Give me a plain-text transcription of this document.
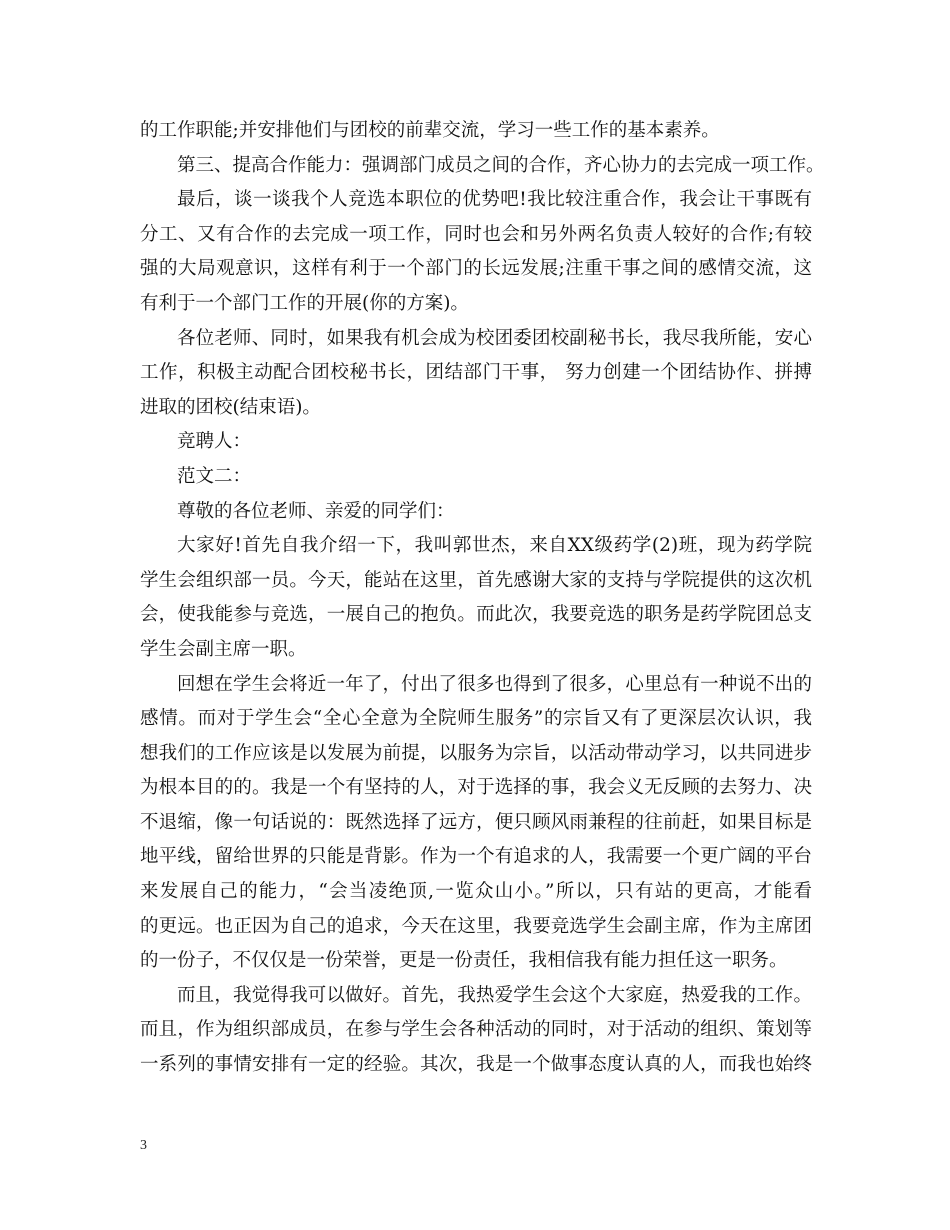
的工作职能;并安排他们与团校的前辈交流，学习一些工作的基本素养。
第三、提高合作能力：强调部门成员之间的合作，齐心协力的去完成一项工作。
最后，谈一谈我个人竞选本职位的优势吧!我比较注重合作，我会让干事既有
分工、又有合作的去完成一项工作，同时也会和另外两名负责人较好的合作;有较
强的大局观意识，这样有利于一个部门的长远发展;注重干事之间的感情交流，这
有利于一个部门工作的开展(你的方案)。
各位老师、同时，如果我有机会成为校团委团校副秘书长，我尽我所能，安心
工作，积极主动配合团校秘书长，团结部门干事， 努力创建一个团结协作、拼搏
进取的团校(结束语)。
竞聘人：
范文二：
尊敬的各位老师、亲爱的同学们：
大家好!首先自我介绍一下，我叫郭世杰，来自XX级药学(2)班，现为药学院
学生会组织部一员。今天，能站在这里，首先感谢大家的支持与学院提供的这次机
会，使我能参与竞选，一展自己的抱负。而此次，我要竞选的职务是药学院团总支
学生会副主席一职。
回想在学生会将近一年了，付出了很多也得到了很多，心里总有一种说不出的
感情。而对于学生会“全心全意为全院师生服务”的宗旨又有了更深层次认识，我
想我们的工作应该是以发展为前提，以服务为宗旨，以活动带动学习，以共同进步
为根本目的的。我是一个有坚持的人，对于选择的事，我会义无反顾的去努力、决
不退缩，像一句话说的：既然选择了远方，便只顾风雨兼程的往前赶，如果目标是
地平线，留给世界的只能是背影。作为一个有追求的人，我需要一个更广阔的平台
来发展自己的能力，“会当凌绝顶,一览众山小。”所以，只有站的更高，才能看
的更远。也正因为自己的追求，今天在这里，我要竞选学生会副主席，作为主席团
的一份子，不仅仅是一份荣誉，更是一份责任，我相信我有能力担任这一职务。
而且，我觉得我可以做好。首先，我热爱学生会这个大家庭，热爱我的工作。
而且，作为组织部成员，在参与学生会各种活动的同时，对于活动的组织、策划等
一系列的事情安排有一定的经验。其次，我是一个做事态度认真的人，而我也始终
3
